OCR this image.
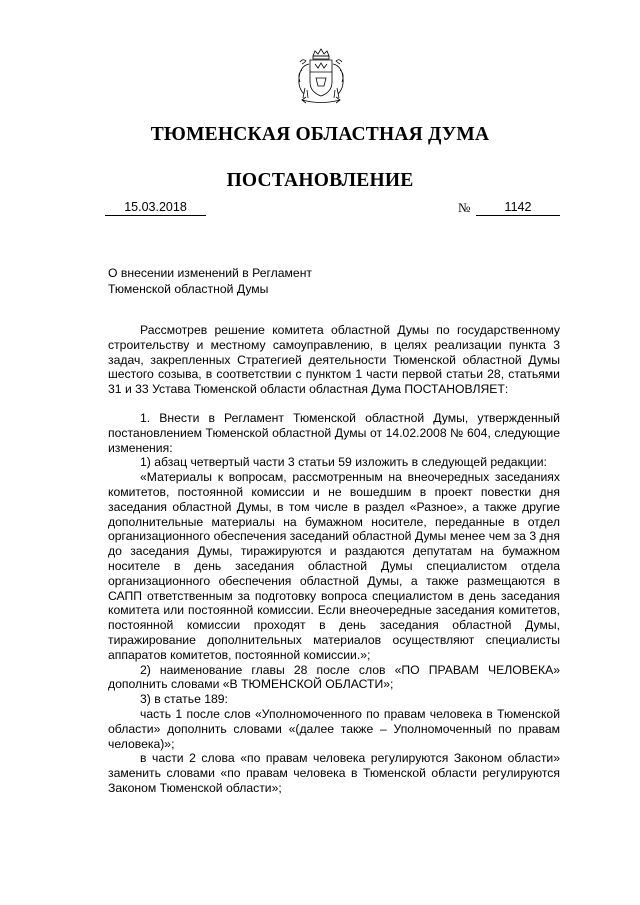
ТЮМЕНСКАЯ ОБЛАСТНАЯ ДУМА
ПОСТАНОВЛЕНИЕ
15.03.2018	№	1142
О внесении изменений в Регламент
Тюменской областной Думы

Рассмотрев решение комитета областной Думы по государственному строительству и местному самоуправлению, в целях реализации пункта 3 задач, закрепленных Стратегией деятельности Тюменской областной Думы шестого созыва, в соответствии с пунктом 1 части первой статьи 28, статьями 31 и 33 Устава Тюменской области областная Дума ПОСТАНОВЛЯЕТ:

1. Внести в Регламент Тюменской областной Думы, утвержденный постановлением Тюменской областной Думы от 14.02.2008 № 604, следующие изменения:

1) абзац четвертый части 3 статьи 59 изложить в следующей редакции:

«Материалы к вопросам, рассмотренным на внеочередных заседаниях комитетов, постоянной комиссии и не вошедшим в проект повестки дня заседания областной Думы, в том числе в раздел «Разное», а также другие дополнительные материалы на бумажном носителе, переданные в отдел организационного обеспечения заседаний областной Думы менее чем за 3 дня до заседания Думы, тиражируются и раздаются депутатам на бумажном носителе в день заседания областной Думы специалистом отдела организационного обеспечения областной Думы, а также размещаются в САПП ответственным за подготовку вопроса специалистом в день заседания комитета или постоянной комиссии. Если внеочередные заседания комитетов, постоянной комиссии проходят в день заседания областной Думы, тиражирование дополнительных материалов осуществляют специалисты аппаратов комитетов, постоянной комиссии.»;

2) наименование главы 28 после слов «ПО ПРАВАМ ЧЕЛОВЕКА» дополнить словами «В ТЮМЕНСКОЙ ОБЛАСТИ»;

3) в статье 189:

часть 1 после слов «Уполномоченного по правам человека в Тюменской области» дополнить словами «(далее также – Уполномоченный по правам человека)»;

в части 2 слова «по правам человека регулируются Законом области» заменить словами «по правам человека в Тюменской области регулируются Законом Тюменской области»;
